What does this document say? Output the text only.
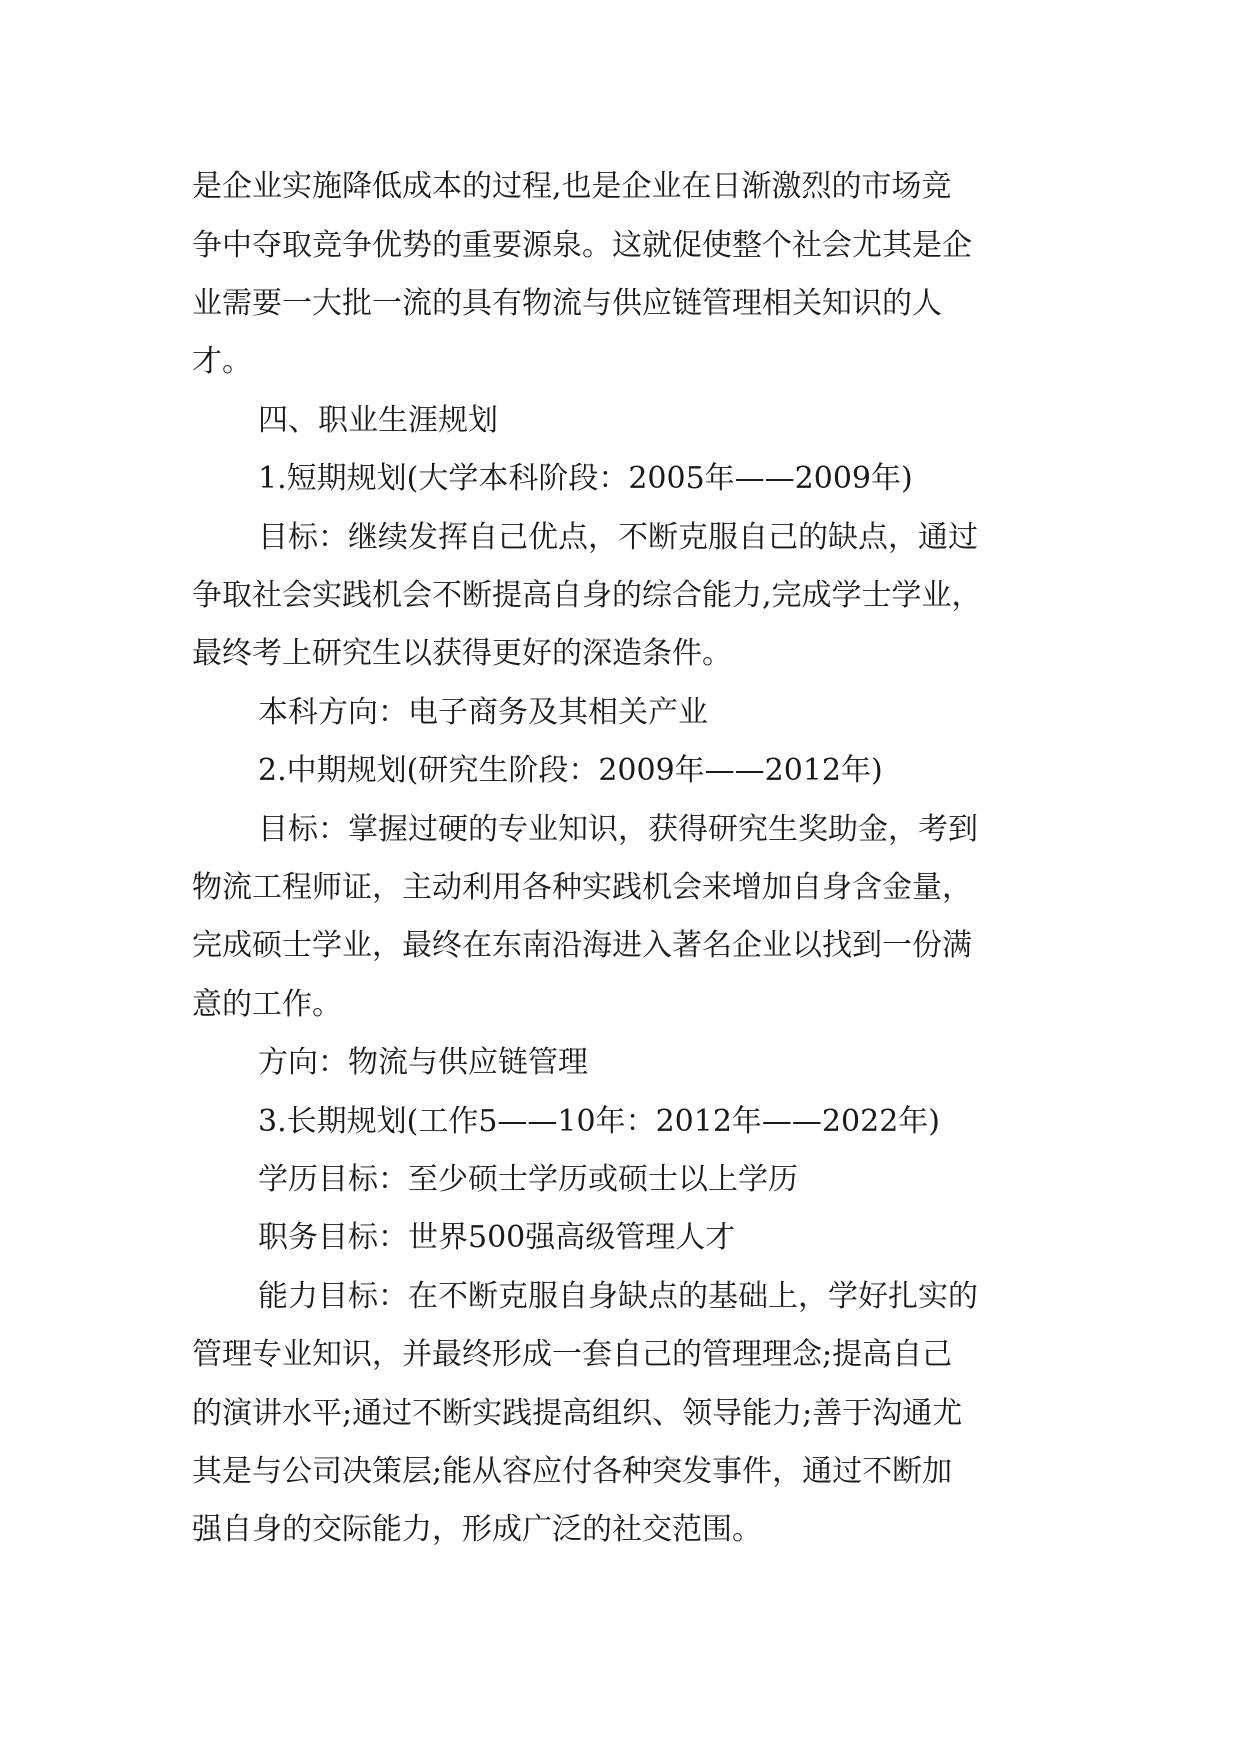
是企业实施降低成本的过程,也是企业在日渐激烈的市场竞

争中夺取竞争优势的重要源泉。这就促使整个社会尤其是企

业需要一大批一流的具有物流与供应链管理相关知识的人

才。

四、职业生涯规划

1.短期规划(大学本科阶段：2005年——2009年)

目标：继续发挥自己优点，不断克服自己的缺点，通过

争取社会实践机会不断提高自身的综合能力,完成学士学业，

最终考上研究生以获得更好的深造条件。

本科方向：电子商务及其相关产业

2.中期规划(研究生阶段：2009年——2012年)

目标：掌握过硬的专业知识，获得研究生奖助金，考到

物流工程师证，主动利用各种实践机会来增加自身含金量，

完成硕士学业，最终在东南沿海进入著名企业以找到一份满

意的工作。

方向：物流与供应链管理

3.长期规划(工作5——10年：2012年——2022年)

学历目标：至少硕士学历或硕士以上学历

职务目标：世界500强高级管理人才

能力目标：在不断克服自身缺点的基础上，学好扎实的

管理专业知识，并最终形成一套自己的管理理念;提高自己

的演讲水平;通过不断实践提高组织、领导能力;善于沟通尤

其是与公司决策层;能从容应付各种突发事件，通过不断加

强自身的交际能力，形成广泛的社交范围。
